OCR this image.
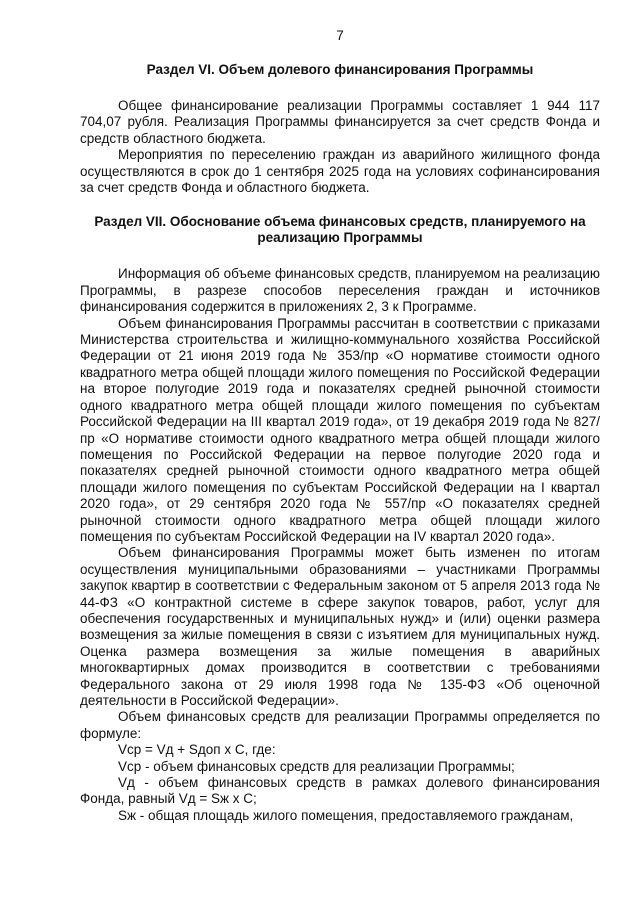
7
Раздел VI. Объем долевого финансирования Программы

Общее финансирование реализации Программы составляет 1 944 117 704,07 рубля. Реализация Программы финансируется за счет средств Фонда и средств областного бюджета.

Мероприятия по переселению граждан из аварийного жилищного фонда осуществляются в срок до 1 сентября 2025 года на условиях софинансирования за счет средств Фонда и областного бюджета.

Раздел VII. Обоснование объема финансовых средств, планируемого на реализацию Программы

Информация об объеме финансовых средств, планируемом на реализацию Программы, в разрезе способов переселения граждан и источников финансирования содержится в приложениях 2, 3 к Программе.

Объем финансирования Программы рассчитан в соответствии с приказами Министерства строительства и жилищно-коммунального хозяйства Российской Федерации от 21 июня 2019 года № 353/пр «О нормативе стоимости одного квадратного метра общей площади жилого помещения по Российской Федерации на второе полугодие 2019 года и показателях средней рыночной стоимости одного квадратного метра общей площади жилого помещения по субъектам Российской Федерации на III квартал 2019 года», от 19 декабря 2019 года № 827/пр «О нормативе стоимости одного квадратного метра общей площади жилого помещения по Российской Федерации на первое полугодие 2020 года и показателях средней рыночной стоимости одного квадратного метра общей площади жилого помещения по субъектам Российской Федерации на I квартал 2020 года», от 29 сентября 2020 года № 557/пр «О показателях средней рыночной стоимости одного квадратного метра общей площади жилого помещения по субъектам Российской Федерации на IV квартал 2020 года».

Объем финансирования Программы может быть изменен по итогам осуществления муниципальными образованиями – участниками Программы закупок квартир в соответствии с Федеральным законом от 5 апреля 2013 года № 44-ФЗ «О контрактной системе в сфере закупок товаров, работ, услуг для обеспечения государственных и муниципальных нужд» и (или) оценки размера возмещения за жилые помещения в связи с изъятием для муниципальных нужд. Оценка размера возмещения за жилые помещения в аварийных многоквартирных домах производится в соответствии с требованиями Федерального закона от 29 июля 1998 года № 135-ФЗ «Об оценочной деятельности в Российской Федерации».

Объем финансовых средств для реализации Программы определяется по формуле:

Vср = Vд + Sдоп х С, где:

Vср - объем финансовых средств для реализации Программы;

Vд - объем финансовых средств в рамках долевого финансирования Фонда, равный Vд = Sж х С;

Sж - общая площадь жилого помещения, предоставляемого гражданам,
